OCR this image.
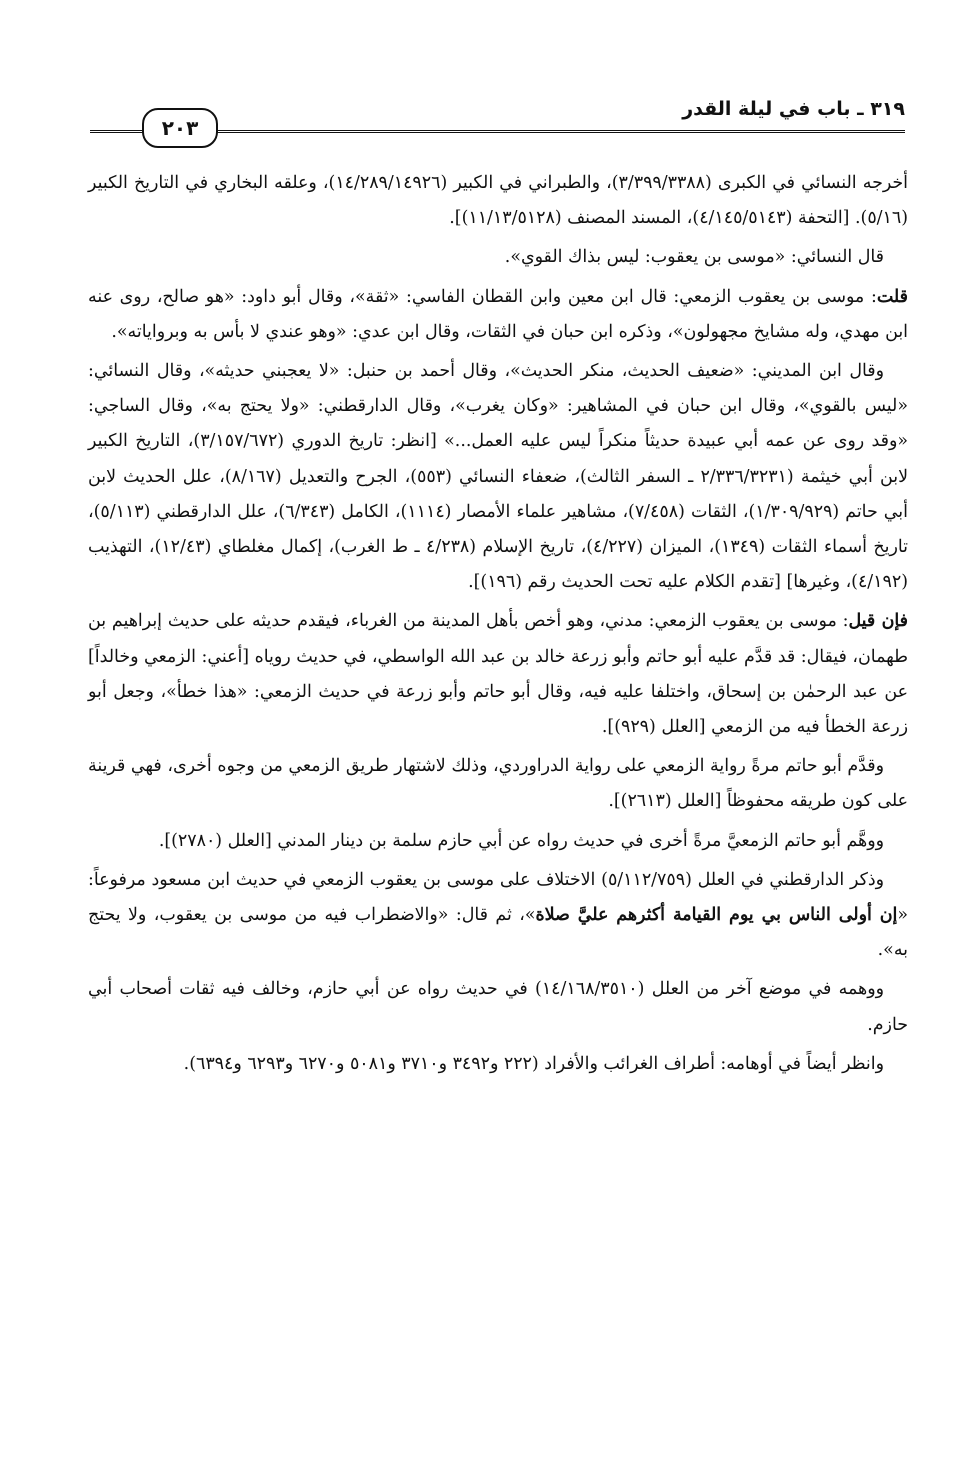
٣١٩ ـ باب في ليلة القدر
٢٠٣

أخرجه النسائي في الكبرى (٣/٣٩٩/٣٣٨٨)، والطبراني في الكبير (١٤/٢٨٩/١٤٩٢٦)، وعلقه البخاري في التاريخ الكبير (٥/١٦). [التحفة (٤/١٤٥/٥١٤٣)، المسند المصنف (١١/١٣/٥١٢٨)].

قال النسائي: «موسى بن يعقوب: ليس بذاك القوي».

قلت: موسى بن يعقوب الزمعي: قال ابن معين وابن القطان الفاسي: «ثقة»، وقال أبو داود: «هو صالح، روى عنه ابن مهدي، وله مشايخ مجهولون»، وذكره ابن حبان في الثقات، وقال ابن عدي: «وهو عندي لا بأس به وبرواياته».

وقال ابن المديني: «ضعيف الحديث، منكر الحديث»، وقال أحمد بن حنبل: «لا يعجبني حديثه»، وقال النسائي: «ليس بالقوي»، وقال ابن حبان في المشاهير: «وكان يغرب»، وقال الدارقطني: «ولا يحتج به»، وقال الساجي: «وقد روى عن عمه أبي عبيدة حديثاً منكراً ليس عليه العمل...» [انظر: تاريخ الدوري (٣/١٥٧/٦٧٢)، التاريخ الكبير لابن أبي خيثمة (٢/٣٣٦/٣٢٣١ ـ السفر الثالث)، ضعفاء النسائي (٥٥٣)، الجرح والتعديل (٨/١٦٧)، علل الحديث لابن أبي حاتم (١/٣٠٩/٩٢٩)، الثقات (٧/٤٥٨)، مشاهير علماء الأمصار (١١١٤)، الكامل (٦/٣٤٣)، علل الدارقطني (٥/١١٣)، تاريخ أسماء الثقات (١٣٤٩)، الميزان (٤/٢٢٧)، تاريخ الإسلام (٤/٢٣٨ ـ ط الغرب)، إكمال مغلطاي (١٢/٤٣)، التهذيب (٤/١٩٢)، وغيرها] [تقدم الكلام عليه تحت الحديث رقم (١٩٦)].

فإن قيل: موسى بن يعقوب الزمعي: مدني، وهو أخص بأهل المدينة من الغرباء، فيقدم حديثه على حديث إبراهيم بن طهمان، فيقال: قد قدَّم عليه أبو حاتم وأبو زرعة خالد بن عبد الله الواسطي، في حديث روياه [أعني: الزمعي وخالداً] عن عبد الرحمٰن بن إسحاق، واختلفا عليه فيه، وقال أبو حاتم وأبو زرعة في حديث الزمعي: «هذا خطأ»، وجعل أبو زرعة الخطأ فيه من الزمعي [العلل (٩٢٩)].

وقدَّم أبو حاتم مرةً رواية الزمعي على رواية الدراوردي، وذلك لاشتهار طريق الزمعي من وجوه أخرى، فهي قرينة على كون طريقه محفوظاً [العلل (٢٦١٣)].

ووهَّم أبو حاتم الزمعيَّ مرةً أخرى في حديث رواه عن أبي حازم سلمة بن دينار المدني [العلل (٢٧٨٠)].

وذكر الدارقطني في العلل (٥/١١٢/٧٥٩) الاختلاف على موسى بن يعقوب الزمعي في حديث ابن مسعود مرفوعاً: «إن أولى الناس بي يوم القيامة أكثرهم عليَّ صلاة»، ثم قال: «والاضطراب فيه من موسى بن يعقوب، ولا يحتج به».

ووهمه في موضع آخر من العلل (١٤/١٦٨/٣٥١٠) في حديث رواه عن أبي حازم، وخالف فيه ثقات أصحاب أبي حازم.

وانظر أيضاً في أوهامه: أطراف الغرائب والأفراد (٢٢٢ و٣٤٩٢ و٣٧١٠ و٥٠٨١ و٦٢٧٠ و٦٢٩٣ و٦٣٩٤).
